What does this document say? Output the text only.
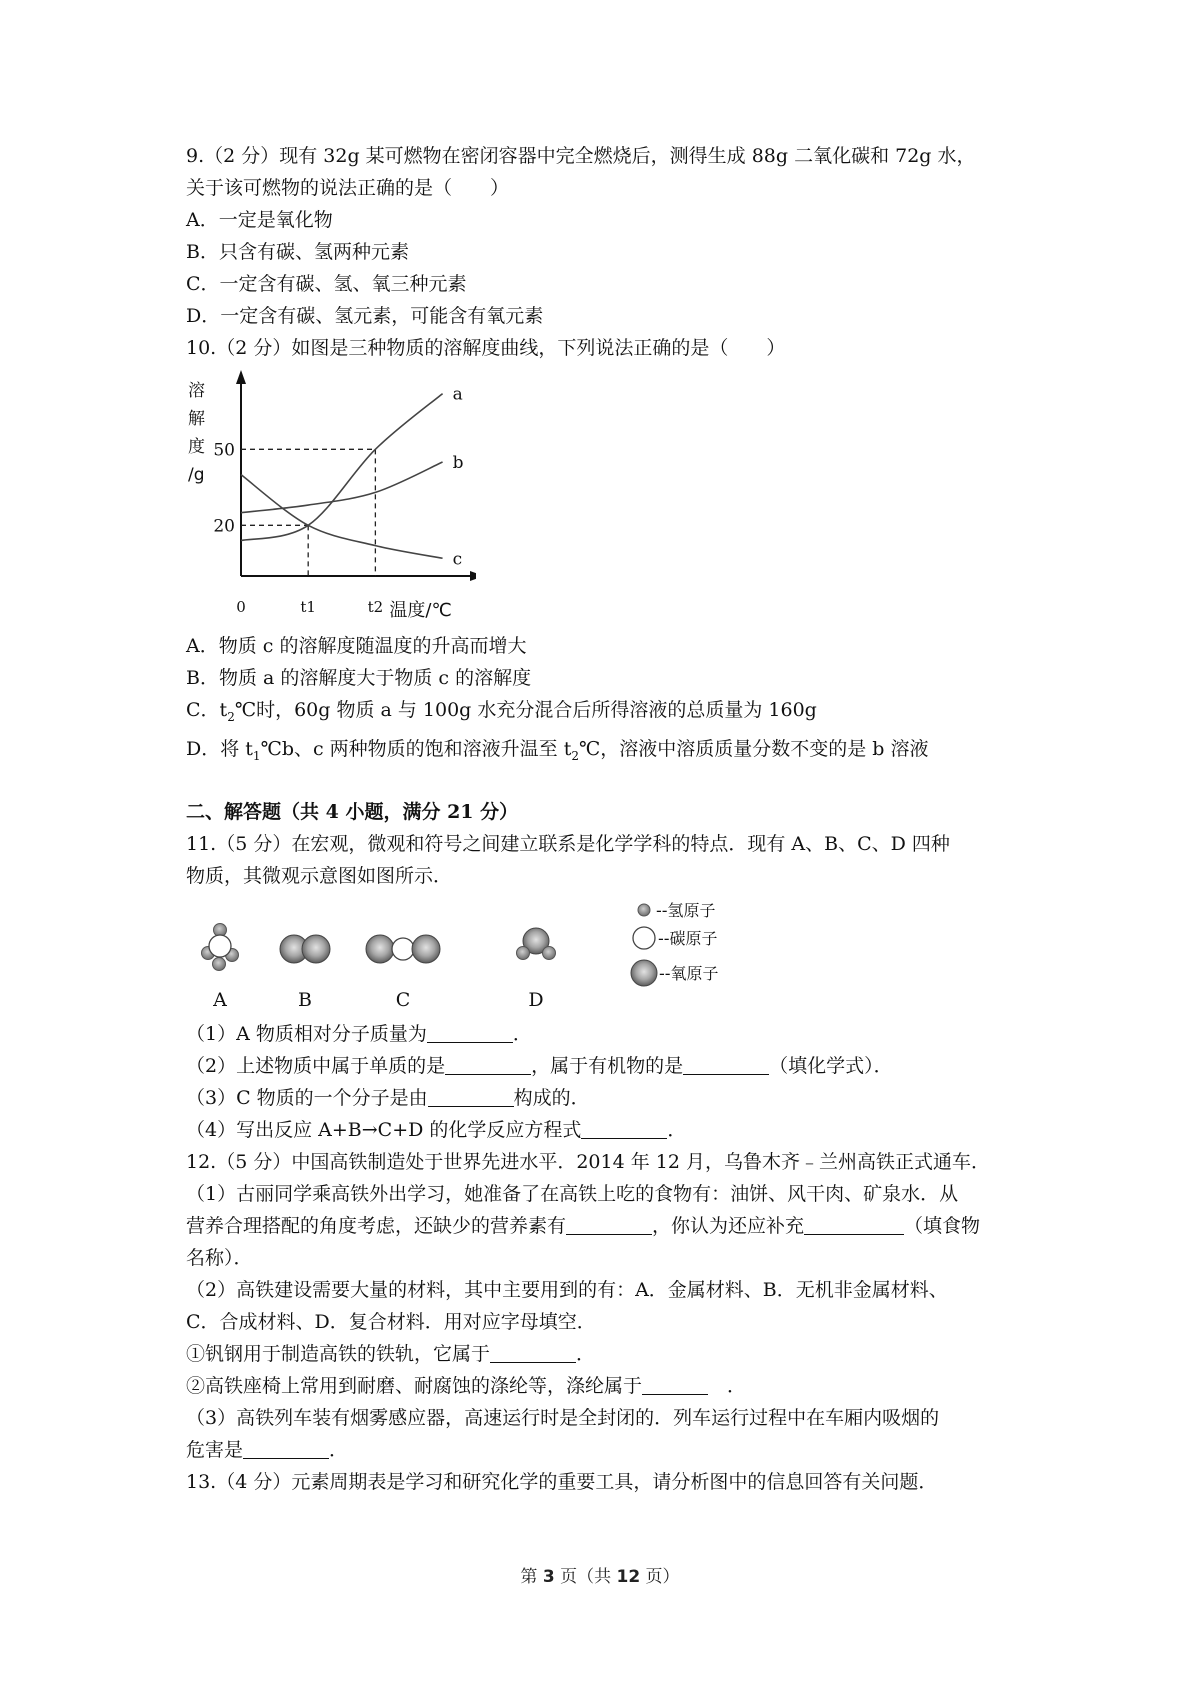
9.（2 分）现有 32g 某可燃物在密闭容器中完全燃烧后，测得生成 88g 二氧化碳和 72g 水，
关于该可燃物的说法正确的是（　　）
A．一定是氧化物
B．只含有碳、氢两种元素
C．一定含有碳、氢、氧三种元素
D．一定含有碳、氢元素，可能含有氧元素
10.（2 分）如图是三种物质的溶解度曲线，下列说法正确的是（　　）
a
b
c
20
50
溶
解
度
/g
0	t1	t2 温度/℃
A．物质 c 的溶解度随温度的升高而增大
B．物质 a 的溶解度大于物质 c 的溶解度
C．$t_2℃$时，60g 物质 a 与 100g 水充分混合后所得溶液的总质量为 160g
D．将 $t_1℃b$、c 两种物质的饱和溶液升温至 $t_2℃$，溶液中溶质质量分数不变的是 b 溶液
二、解答题（共 4 小题，满分 21 分）
11.（5 分）在宏观，微观和符号之间建立联系是化学学科的特点．现有 A、B、C、D 四种
物质，其微观示意图如图所示．
A	B	C	D
--氢原子
--碳原子
--氧原子
（1）A 物质相对分子质量为	．
（2）上述物质中属于单质的是	，属于有机物的是	（填化学式）．
（3）C 物质的一个分子是由	构成的．
（4）写出反应 A+B→C+D 的化学反应方程式	．
12.（5 分）中国高铁制造处于世界先进水平．2014 年 12 月，乌鲁木齐﹣兰州高铁正式通车．
（1）古丽同学乘高铁外出学习，她准备了在高铁上吃的食物有：油饼、风干肉、矿泉水．从
营养合理搭配的角度考虑，还缺少的营养素有	，你认为还应补充	（填食物
名称）．
（2）高铁建设需要大量的材料，其中主要用到的有：A．金属材料、B．无机非金属材料、
C．合成材料、D．复合材料．用对应字母填空．
①钒钢用于制造高铁的铁轨，它属于	．
②高铁座椅上常用到耐磨、耐腐蚀的涤纶等，涤纶属于	　．
（3）高铁列车装有烟雾感应器，高速运行时是全封闭的．列车运行过程中在车厢内吸烟的
危害是	．
13.（4 分）元素周期表是学习和研究化学的重要工具，请分析图中的信息回答有关问题．
第 3 页（共 12 页）
